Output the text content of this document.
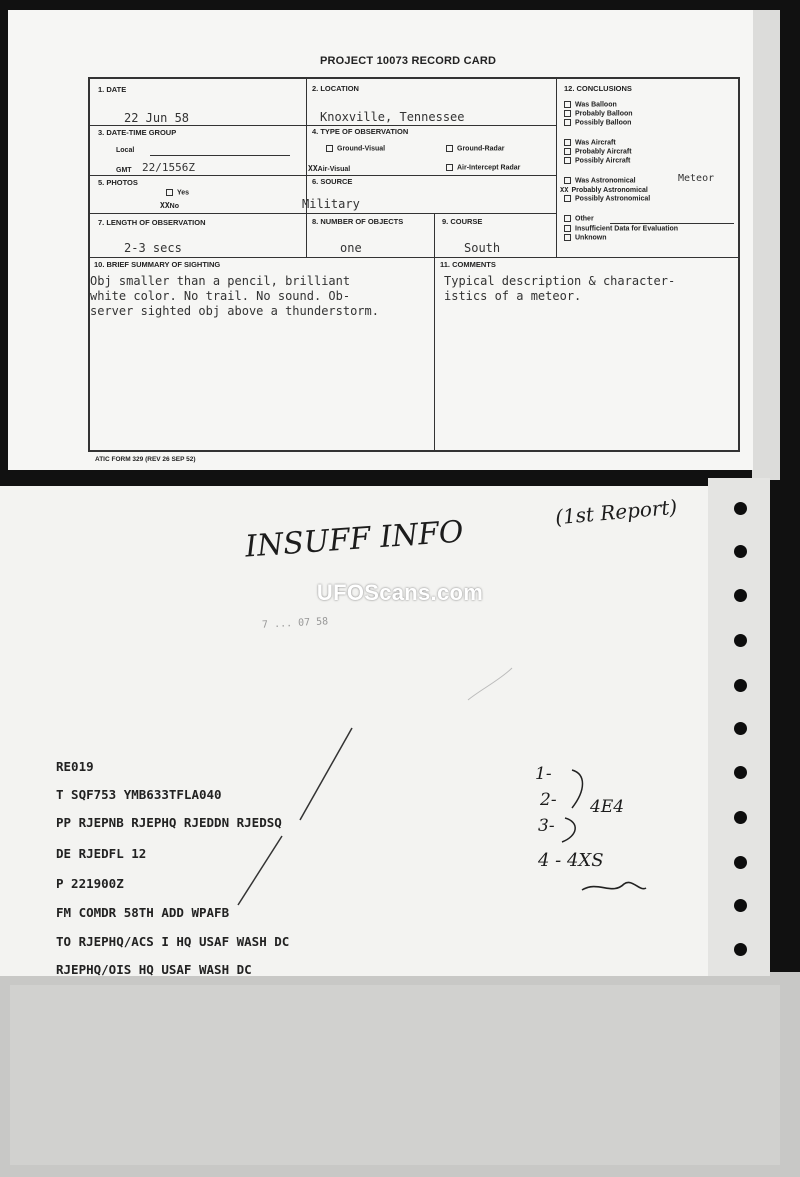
PROJECT 10073 RECORD CARD
1. DATE
22 Jun 58
2. LOCATION
Knoxville, Tennessee
3. DATE-TIME GROUP
Local
GMT 22/1556Z
4. TYPE OF OBSERVATION
Ground-Visual	Ground-Radar
XXAir-Visual	Air-Intercept Radar
5. PHOTOS
Yes
XXNo
6. SOURCE
Military
7. LENGTH OF OBSERVATION
2-3 secs
8. NUMBER OF OBJECTS
one
9. COURSE
South
10. BRIEF SUMMARY OF SIGHTING
Obj smaller than a pencil, brilliant
white color. No trail. No sound. Ob-
server sighted obj above a thunderstorm.
11. COMMENTS
Typical description & character-
istics of a meteor.
12. CONCLUSIONS
Was Balloon
Probably Balloon
Possibly Balloon
Was Aircraft
Probably Aircraft
Possibly Aircraft
Was Astronomical	Meteor
XX Probably Astronomical
Possibly Astronomical
Other
Insufficient Data for Evaluation
Unknown
ATIC FORM 329 (REV 26 SEP 52)
INSUFF INFO
(1st Report)
7 ... 07 58
UFOScans.com
RE019
T SQF753 YMB633TFLA040
PP RJEPNB RJEPHQ RJEDDN RJEDSQ
DE RJEDFL 12
P 221900Z
FM COMDR 58TH ADD WPAFB
TO RJEPHQ/ACS I HQ USAF WASH DC
RJEPHQ/OIS HQ USAF WASH DC
1-
2-
3-
4E4
4 - 4XS
